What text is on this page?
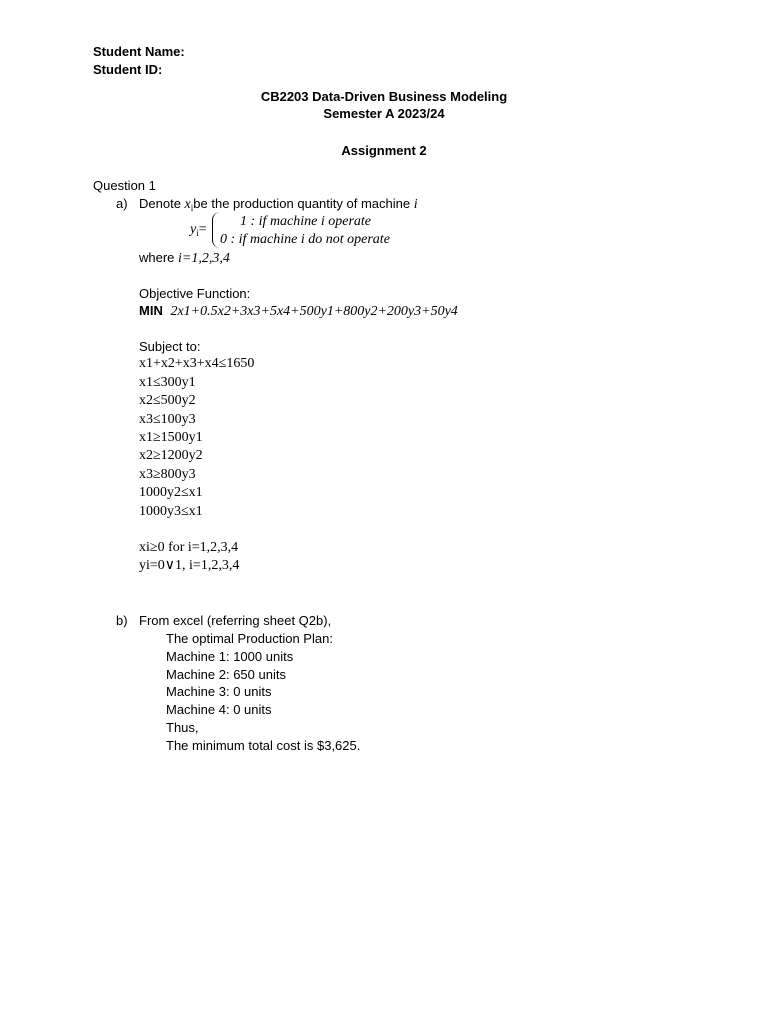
Student Name:
Student ID:
CB2203 Data-Driven Business Modeling
Semester A 2023/24
Assignment 2
Question 1
a) Denote $x_ibe$ the production quantity of machine i
$y_i=$
1 : if machine i operate
0 : if machine i do not operate
where i=1,2,3,4
Objective Function:
MIN 2x1+0.5x2+3x3+5x4+500y1+800y2+200y3+50y4
Subject to:
x1+x2+x3+x4≤1650
x1≤300y1
x2≤500y2
x3≤100y3
x1≥1500y1
x2≥1200y2
x3≥800y3
1000y2≤x1
1000y3≤x1
xi≥0 for i=1,2,3,4
yi=0∨1, i=1,2,3,4
b) From excel (referring sheet Q2b),
The optimal Production Plan:
Machine 1: 1000 units
Machine 2: 650 units
Machine 3: 0 units
Machine 4: 0 units
Thus,
The minimum total cost is $3,625.
